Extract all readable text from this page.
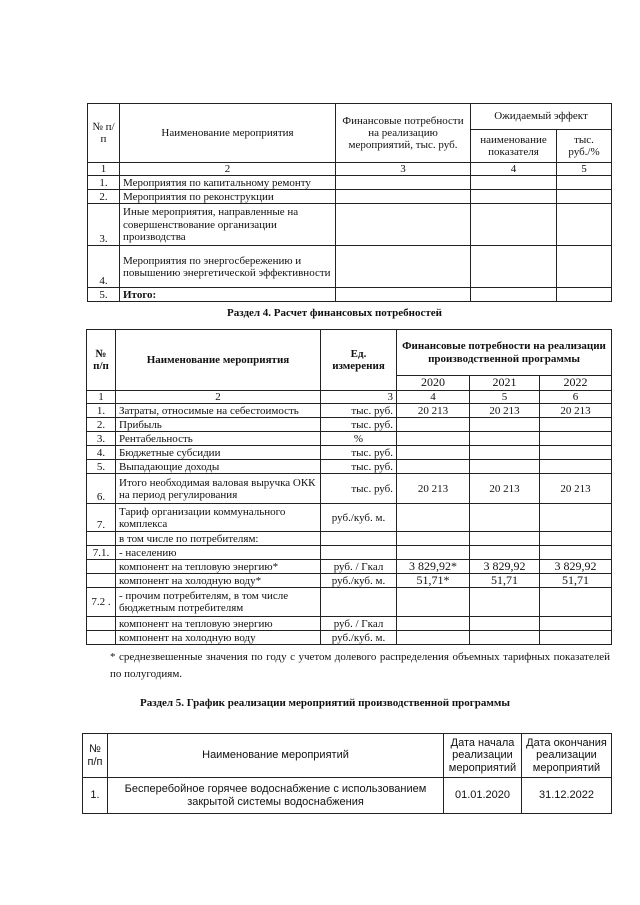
№ п/п	Наименование мероприятия	Финансовые потребности на реализацию мероприятий, тыс. руб.	Ожидаемый эффект	
			наименование показателя	тыс. руб./%
1	2	3	4	5
1.	Мероприятия по капитальному ремонту			
2.	Мероприятия по реконструкции			
3.	Иные мероприятия, направленные на совершенствование организации производства			
4.	Мероприятия по энергосбережению и повышению энергетической эффективности			
5.	Итого:			
Раздел 4. Расчет финансовых потребностей
№ п/п	Наименование мероприятия	Ед. измерения	Финансовые потребности на реализации производственной программы		
			2020	2021	2022
1	2	3	4	5	6
1.	Затраты, относимые на себестоимость	тыс. руб.	20 213	20 213	20 213
2.	Прибыль	тыс. руб.			
3.	Рентабельность	%			
4.	Бюджетные субсидии	тыс. руб.			
5.	Выпадающие доходы	тыс. руб.			
6.	Итого необходимая валовая выручка ОКК на период регулирования	тыс. руб.	20 213	20 213	20 213
7.	Тариф организации коммунального комплекса	руб./куб. м.			
	в том числе по потребителям:				
7.1.	- населению				
	компонент на тепловую энергию*	руб. / Гкал	3 829,92*	3 829,92	3 829,92
	компонент на холодную воду*	руб./куб. м.	51,71*	51,71	51,71
7.2 .	- прочим потребителям, в том числе бюджетным потребителям				
	компонент на тепловую энергию	руб. / Гкал			
	компонент на холодную воду	руб./куб. м.			
* среднезвешенные значения по году с учетом долевого распределения объемных тарифных показателей по полугодиям.
Раздел 5. График реализации мероприятий производственной программы
№ п/п	Наименование мероприятий	Дата начала реализации мероприятий	Дата окончания реализации мероприятий
1.	Бесперебойное горячее водоснабжение с использованием закрытой системы водоснабжения	01.01.2020	31.12.2022
